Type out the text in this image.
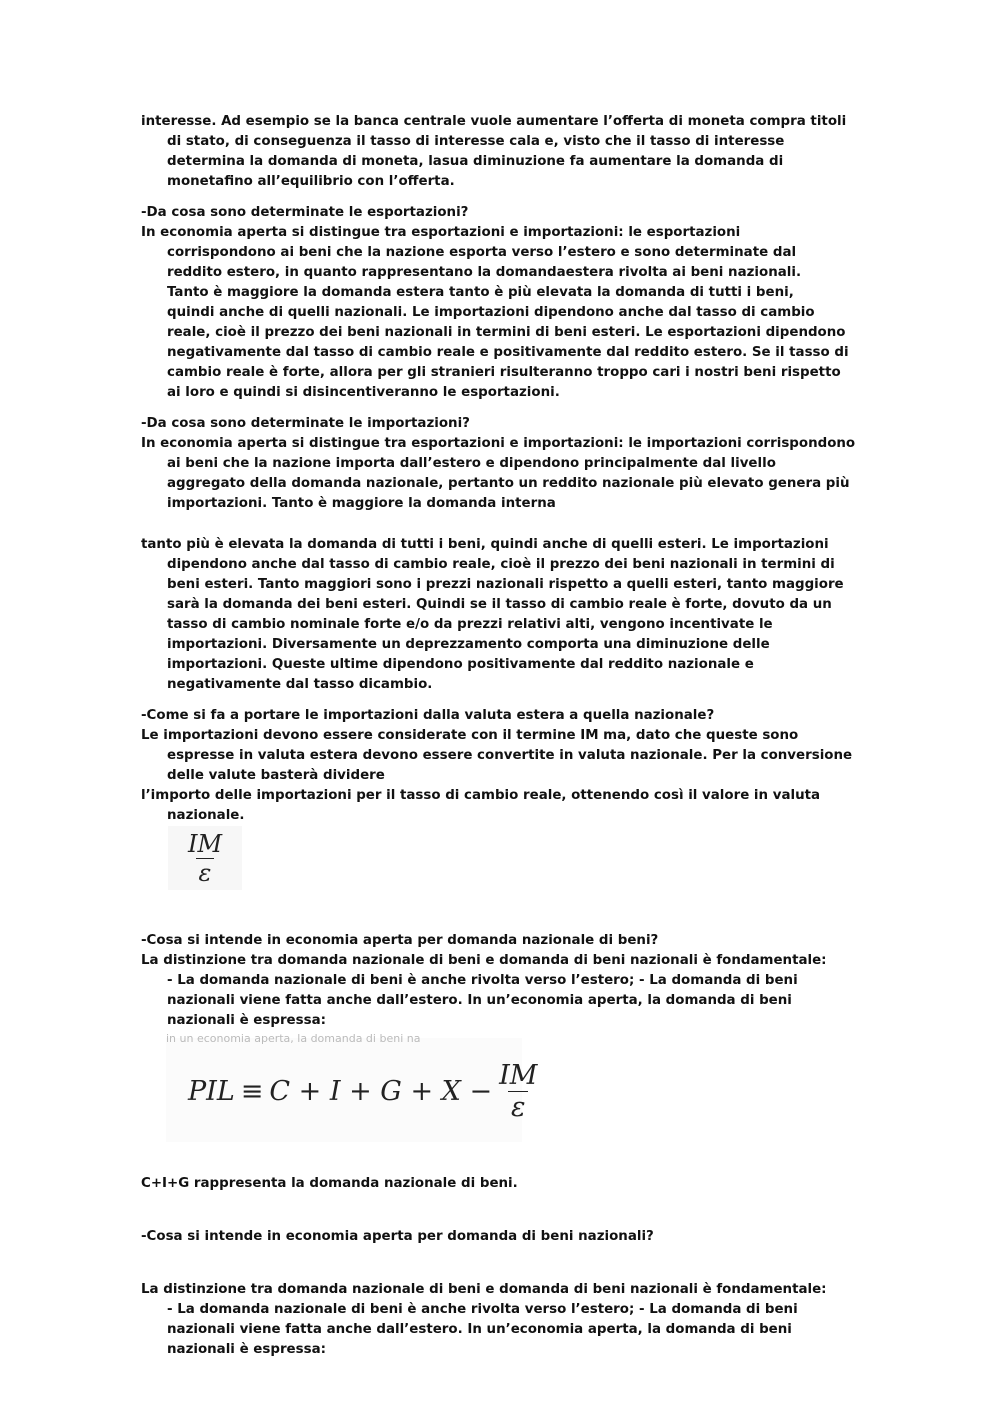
interesse. Ad esempio se la banca centrale vuole aumentare l’offerta di moneta compra titoli
di stato, di conseguenza il tasso di interesse cala e, visto che il tasso di interesse
determina la domanda di moneta, lasua diminuzione fa aumentare la domanda di
monetafino all’equilibrio con l’offerta.
-Da cosa sono determinate le esportazioni?
In economia aperta si distingue tra esportazioni e importazioni: le esportazioni
corrispondono ai beni che la nazione esporta verso l’estero e sono determinate dal
reddito estero, in quanto rappresentano la domandaestera rivolta ai beni nazionali.
Tanto è maggiore la domanda estera tanto è più elevata la domanda di tutti i beni,
quindi anche di quelli nazionali. Le importazioni dipendono anche dal tasso di cambio
reale, cioè il prezzo dei beni nazionali in termini di beni esteri. Le esportazioni dipendono
negativamente dal tasso di cambio reale e positivamente dal reddito estero. Se il tasso di
cambio reale è forte, allora per gli stranieri risulteranno troppo cari i nostri beni rispetto
ai loro e quindi si disincentiveranno le esportazioni.
-Da cosa sono determinate le importazioni?
In economia aperta si distingue tra esportazioni e importazioni: le importazioni corrispondono
ai beni che la nazione importa dall’estero e dipendono principalmente dal livello
aggregato della domanda nazionale, pertanto un reddito nazionale più elevato genera più
importazioni. Tanto è maggiore la domanda interna
tanto più è elevata la domanda di tutti i beni, quindi anche di quelli esteri. Le importazioni
dipendono anche dal tasso di cambio reale, cioè il prezzo dei beni nazionali in termini di
beni esteri. Tanto maggiori sono i prezzi nazionali rispetto a quelli esteri, tanto maggiore
sarà la domanda dei beni esteri. Quindi se il tasso di cambio reale è forte, dovuto da un
tasso di cambio nominale forte e/o da prezzi relativi alti, vengono incentivate le
importazioni. Diversamente un deprezzamento comporta una diminuzione delle
importazioni. Queste ultime dipendono positivamente dal reddito nazionale e
negativamente dal tasso dicambio.
-Come si fa a portare le importazioni dalla valuta estera a quella nazionale?
Le importazioni devono essere considerate con il termine IM ma, dato che queste sono
espresse in valuta estera devono essere convertite in valuta nazionale. Per la conversione
delle valute basterà dividere
l’importo delle importazioni per il tasso di cambio reale, ottenendo così il valore in valuta
nazionale.
$\frac{IM}{\varepsilon}$
-Cosa si intende in economia aperta per domanda nazionale di beni?
La distinzione tra domanda nazionale di beni e domanda di beni nazionali è fondamentale:
- La domanda nazionale di beni è anche rivolta verso l’estero; - La domanda di beni
nazionali viene fatta anche dall’estero. In un’economia aperta, la domanda di beni
nazionali è espressa:
in un economia aperta, la domanda di beni na
PIL ≡ $C + I + G + X - \frac{IM}{\varepsilon}$
C+I+G rappresenta la domanda nazionale di beni.
-Cosa si intende in economia aperta per domanda di beni nazionali?
La distinzione tra domanda nazionale di beni e domanda di beni nazionali è fondamentale:
- La domanda nazionale di beni è anche rivolta verso l’estero; - La domanda di beni
nazionali viene fatta anche dall’estero. In un’economia aperta, la domanda di beni
nazionali è espressa:
